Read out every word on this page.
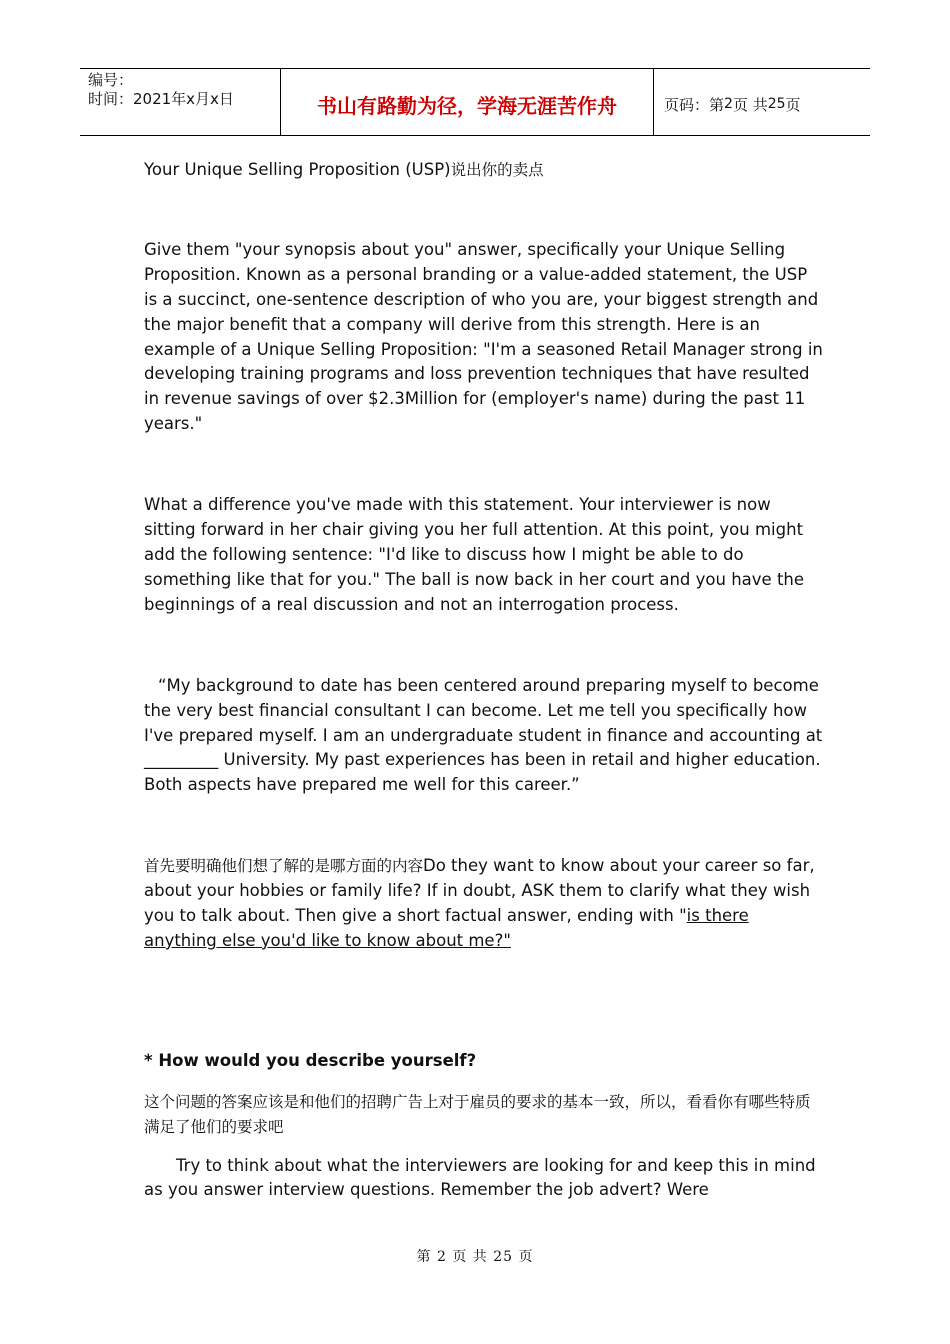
编号：
时间：2021年x月x日	书山有路勤为径，学海无涯苦作舟	页码：第 2 页 共 25 页

Your Unique Selling Proposition (USP)说出你的卖点

Give them "your synopsis about you" answer, specifically your Unique Selling Proposition. Known as a personal branding or a value-added statement, the USP is a succinct, one-sentence description of who you are, your biggest strength and the major benefit that a company will derive from this strength. Here is an example of a Unique Selling Proposition: "I'm a seasoned Retail Manager strong in developing training programs and loss prevention techniques that have resulted in revenue savings of over $2.3Million for (employer's name) during the past 11 years."

What a difference you've made with this statement. Your interviewer is now sitting forward in her chair giving you her full attention. At this point, you might add the following sentence: "I'd like to discuss how I might be able to do something like that for you." The ball is now back in her court and you have the beginnings of a real discussion and not an interrogation process.

“My background to date has been centered around preparing myself to become the very best financial consultant I can become. Let me tell you specifically how I've prepared myself. I am an undergraduate student in finance and accounting at _________ University. My past experiences has been in retail and higher education. Both aspects have prepared me well for this career.”

首先要明确他们想了解的是哪方面的内容Do they want to know about your career so far, about your hobbies or family life? If in doubt, ASK them to clarify what they wish you to talk about. Then give a short factual answer, ending with "is there anything else you'd like to know about me?"

* How would you describe yourself?

这个问题的答案应该是和他们的招聘广告上对于雇员的要求的基本一致，所以，看看你有哪些特质满足了他们的要求吧

Try to think about what the interviewers are looking for and keep this in mind as you answer interview questions. Remember the job advert? Were

第 2 页 共 25 页
